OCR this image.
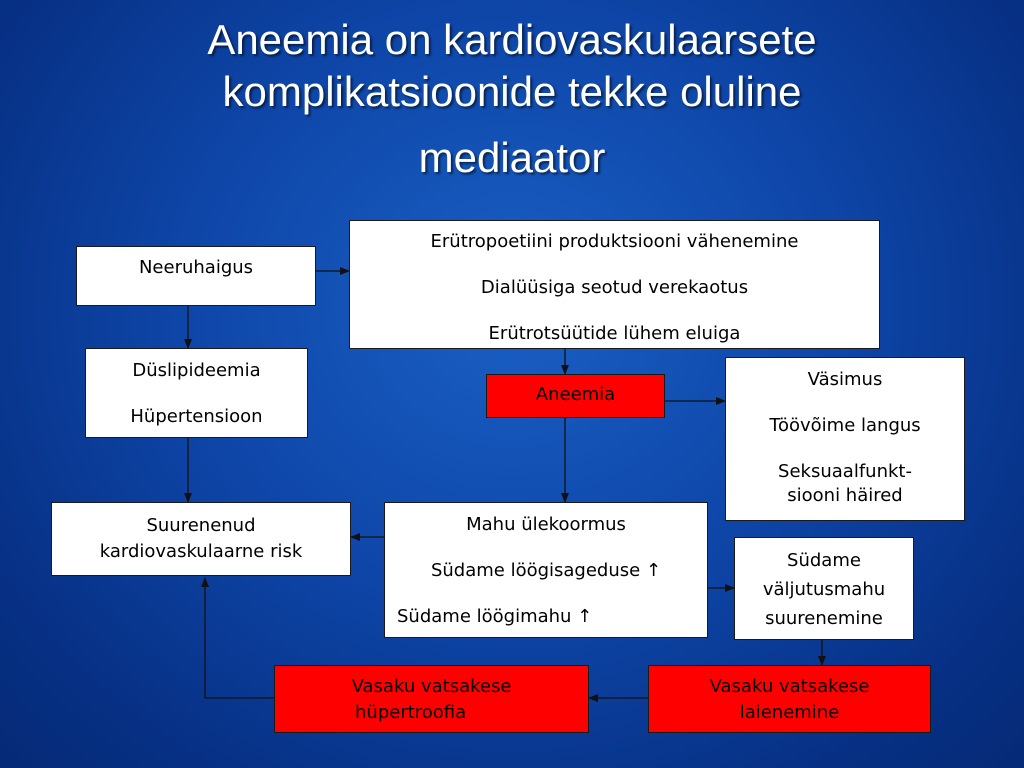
Aneemia on kardiovaskulaarsete
komplikatsioonide tekke oluline

mediaator
Neeruhaigus
Erütropoetiini produktsiooni vähenemine
Dialüüsiga seotud verekaotus
Erütrotsüütide lühem eluiga
Düslipideemia
Hüpertensioon
Aneemia
Väsimus
Töövõime langus
Seksuaalfunkt-
siooni häired
Suurenenud
kardiovaskulaarne risk
Mahu ülekoormus
Südame löögisageduse ↑
Südame löögimahu ↑
Südame
väljutusmahu
suurenemine
Vasaku vatsakese
hüpertroofia
Vasaku vatsakese
laienemine
